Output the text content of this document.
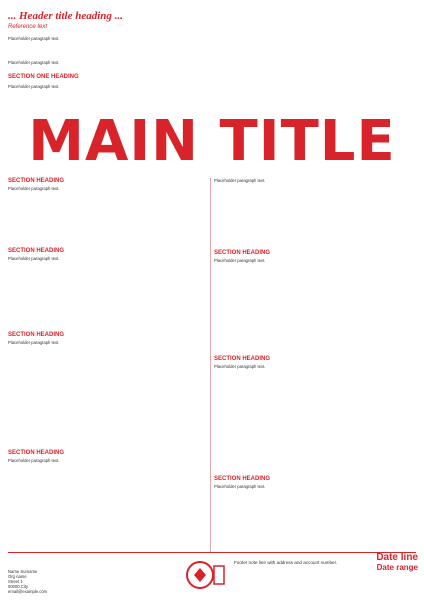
... Header title heading ...
Reference text
Placeholder paragraph text.
Placeholder paragraph text.
SECTION ONE HEADING
Placeholder paragraph text.
MAIN TITLE
SECTION HEADING
Placeholder paragraph text.
SECTION HEADING
Placeholder paragraph text.
SECTION HEADING
Placeholder paragraph text.
SECTION HEADING
Placeholder paragraph text.
Placeholder paragraph text.
SECTION HEADING
Placeholder paragraph text.
SECTION HEADING
Placeholder paragraph text.
SECTION HEADING
Placeholder paragraph text.
Name Surname
Org name
Street 1
00000 City
email@example.com
Footer note line with address and account number.	Date line
Date range
